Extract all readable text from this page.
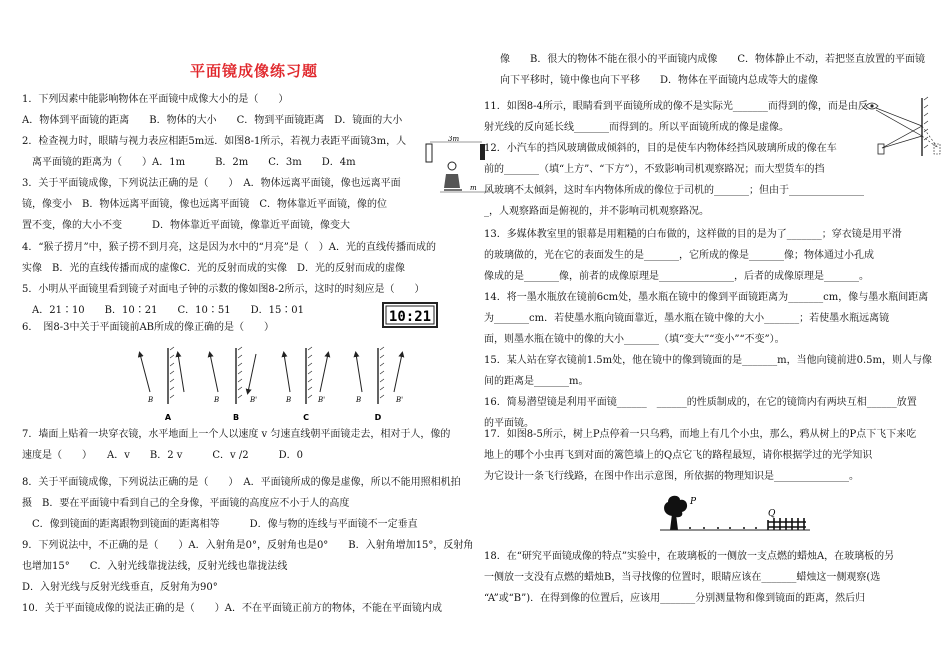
平面镜成像练习题
1．下列因素中能影响物体在平面镜中成像大小的是（　　）
A．物体到平面镜的距离　　B．物体的大小　　C．物到平面镜距离　D．镜面的大小
2．检查视力时，眼睛与视力表应相距5m远．如图8-1所示，若视力表距平面镜3m，人
　离平面镜的距离为（　　）A．1m　　　B．2m　　C．3m　　D．4m
3．关于平面镜成像，下列说法正确的是（　　）　A．物体远离平面镜，像也远离平面
镜，像变小　B．物体远离平面镜，像也远离平面镜　C．物体靠近平面镜，像的位
置不变，像的大小不变　　　D．物体靠近平面镜，像靠近平面镜，像变大
4．“猴子捞月”中，猴子捞不到月亮，这是因为水中的“月亮”是（　）A．光的直线传播而成的
实像　B．光的直线传播而成的虚像C．光的反射而成的实像　D．光的反射而成的虚像
5．小明从平面镜里看到镜子对面电子钟的示数的像如图8-2所示，这时的时刻应是（　　）
　A．21∶10　　B．10∶21　　C．10∶51　　D．15∶01
6．　图8-3中关于平面镜前AB所成的像正确的是（　　）
7．墙面上贴着一块穿衣镜，水平地面上一个人以速度 v 匀速直线朝平面镜走去，相对于人，像的
速度是（　　）　　A．v　　B．2 v　　　C．v /2　　　D．0
8．关于平面镜成像，下列说法正确的是（　　）　A．平面镜所成的像是虚像，所以不能用照相机拍
摄　B．要在平面镜中看到自己的全身像，平面镜的高度应不小于人的高度
　C．像到镜面的距离跟物到镜面的距离相等　　　D．像与物的连线与平面镜不一定垂直
9．下列说法中，不正确的是（　　）A．入射角是0°，反射角也是0°　　B．入射角增加15°，反射角
也增加15°　　C．入射光线靠拢法线，反射光线也靠拢法线
D．入射光线与反射光线垂直，反射角为90°
10．关于平面镜成像的说法正确的是（　　）A．不在平面镜正前方的物体，不能在平面镜内成
3m
m
10:21
B
A
B	B'
B
B	B'
C
B	B'
D
像　　B．很大的物体不能在很小的平面镜内成像　　C．物体静止不动，若把竖直放置的平面镜
向下平移时，镜中像也向下平移　　D．物体在平面镜内总成等大的虚像
11．如图8-4所示，眼睛看到平面镜所成的像不是实际光_______而得到的像，而是由反
射光线的反向延长线_______而得到的。所以平面镜所成的像是虚像。
12．小汽车的挡风玻璃做成倾斜的，目的是使车内物体经挡风玻璃所成的像在车
前的_______（填“上方”、“下方”），不致影响司机观察路况；而大型货车的挡
风玻璃不太倾斜，这时车内物体所成的像位于司机的_______；但由于_______________
_，人观察路面是俯视的，并不影响司机观察路况。
13．多媒体教室里的银幕是用粗糙的白布做的，这样做的目的是为了_______；穿衣镜是用平滑
的玻璃做的，光在它的表面发生的是_______，它所成的像是_______像；物体通过小孔成
像成的是_______像，前者的成像原理是_______________，后者的成像原理是_______。
14．将一墨水瓶放在镜前6cm处，墨水瓶在镜中的像到平面镜距离为_______cm，像与墨水瓶间距离
为_______cm．若使墨水瓶向镜面靠近，墨水瓶在镜中像的大小_______；若使墨水瓶远离镜
面，则墨水瓶在镜中的像的大小_______（填“变大”“变小”“不变”）。
15．某人站在穿衣镜前1.5m处，他在镜中的像到镜面的是_______m，当他向镜前进0.5m，则人与像
间的距离是_______m。
16．简易潜望镜是利用平面镜______　______的性质制成的，在它的镜筒内有两块互相______放置
的平面镜。
17．如图8-5所示，树上P点停着一只乌鸦，而地上有几个小虫，那么，鸦从树上的P点下飞下来吃
地上的哪个小虫再飞到对面的篱笆墙上的Q点它飞的路程最短，请你根据学过的光学知识
为它设计一条飞行线路，在图中作出示意图，所依据的物理知识是_______________。
18．在“研究平面镜成像的特点”实验中，在玻璃板的一侧放一支点燃的蜡烛A，在玻璃板的另
一侧放一支没有点燃的蜡烛B，当寻找像的位置时，眼睛应该在_______蜡烛这一侧观察(选
“A”或“B”)．在得到像的位置后，应该用_______分别测量物和像到镜面的距离，然后归
P
Q
